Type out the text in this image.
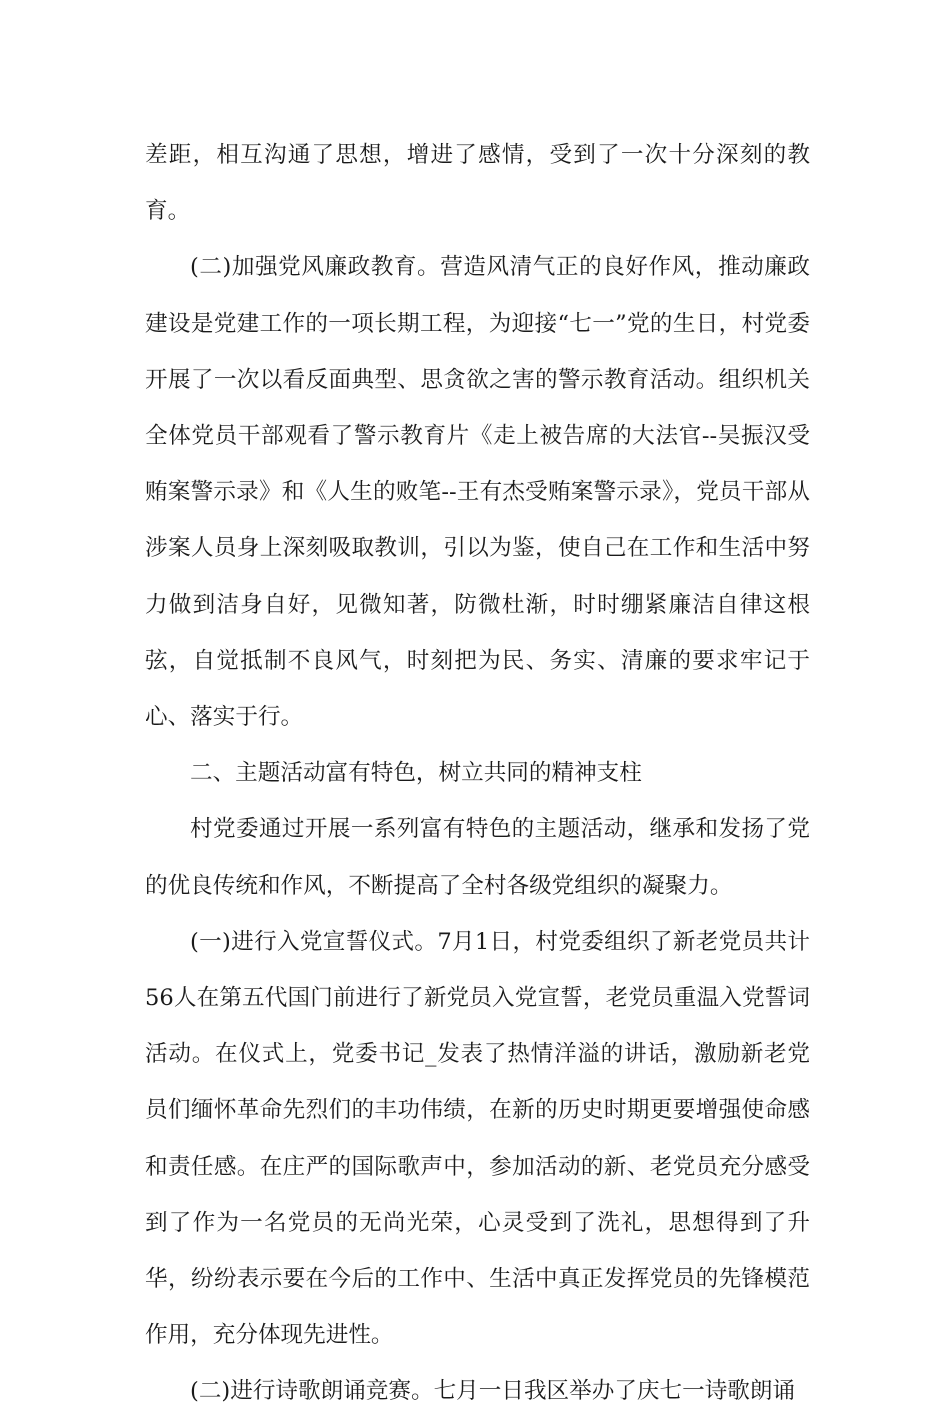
差距，相互沟通了思想，增进了感情，受到了一次十分深刻的教育。

(二)加强党风廉政教育。营造风清气正的良好作风，推动廉政建设是党建工作的一项长期工程，为迎接“七一”党的生日，村党委开展了一次以看反面典型、思贪欲之害的警示教育活动。组织机关全体党员干部观看了警示教育片《走上被告席的大法官--吴振汉受贿案警示录》和《人生的败笔--王有杰受贿案警示录》，党员干部从涉案人员身上深刻吸取教训，引以为鉴，使自己在工作和生活中努力做到洁身自好，见微知著，防微杜渐，时时绷紧廉洁自律这根弦，自觉抵制不良风气，时刻把为民、务实、清廉的要求牢记于心、落实于行。

二、主题活动富有特色，树立共同的精神支柱

村党委通过开展一系列富有特色的主题活动，继承和发扬了党的优良传统和作风，不断提高了全村各级党组织的凝聚力。

(一)进行入党宣誓仪式。7月1日，村党委组织了新老党员共计56人在第五代国门前进行了新党员入党宣誓，老党员重温入党誓词活动。在仪式上，党委书记_发表了热情洋溢的讲话，激励新老党员们缅怀革命先烈们的丰功伟绩，在新的历史时期更要增强使命感和责任感。在庄严的国际歌声中，参加活动的新、老党员充分感受到了作为一名党员的无尚光荣，心灵受到了洗礼，思想得到了升华，纷纷表示要在今后的工作中、生活中真正发挥党员的先锋模范作用，充分体现先进性。

(二)进行诗歌朗诵竞赛。七月一日我区举办了庆七一诗歌朗诵
